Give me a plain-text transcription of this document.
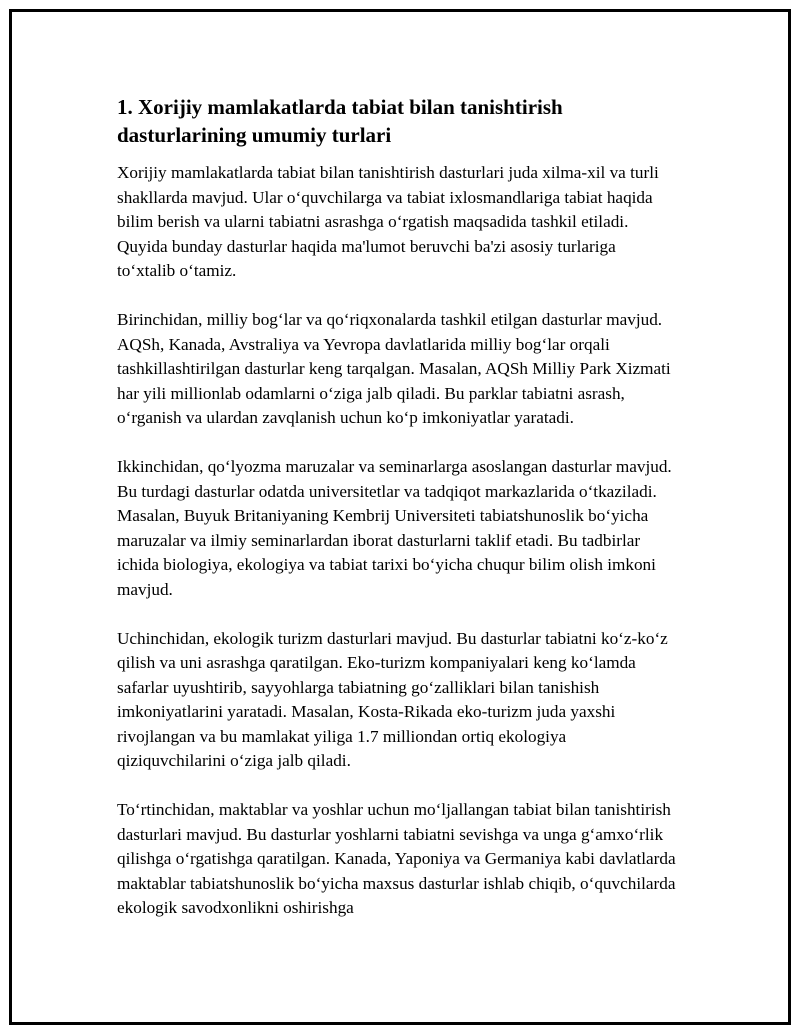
1. Xorijiy mamlakatlarda tabiat bilan tanishtirish dasturlarining umumiy turlari

Xorijiy mamlakatlarda tabiat bilan tanishtirish dasturlari juda xilma-xil va turli shakllarda mavjud. Ular o‘quvchilarga va tabiat ixlosmandlariga tabiat haqida bilim berish va ularni tabiatni asrashga o‘rgatish maqsadida tashkil etiladi. Quyida bunday dasturlar haqida ma'lumot beruvchi ba'zi asosiy turlariga to‘xtalib o‘tamiz.

Birinchidan, milliy bog‘lar va qo‘riqxonalarda tashkil etilgan dasturlar mavjud. AQSh, Kanada, Avstraliya va Yevropa davlatlarida milliy bog‘lar orqali tashkillashtirilgan dasturlar keng tarqalgan. Masalan, AQSh Milliy Park Xizmati har yili millionlab odamlarni o‘ziga jalb qiladi. Bu parklar tabiatni asrash, o‘rganish va ulardan zavqlanish uchun ko‘p imkoniyatlar yaratadi.

Ikkinchidan, qo‘lyozma maruzalar va seminarlarga asoslangan dasturlar mavjud. Bu turdagi dasturlar odatda universitetlar va tadqiqot markazlarida o‘tkaziladi. Masalan, Buyuk Britaniyaning Kembrij Universiteti tabiatshunoslik bo‘yicha maruzalar va ilmiy seminarlardan iborat dasturlarni taklif etadi. Bu tadbirlar ichida biologiya, ekologiya va tabiat tarixi bo‘yicha chuqur bilim olish imkoni mavjud.

Uchinchidan, ekologik turizm dasturlari mavjud. Bu dasturlar tabiatni ko‘z-ko‘z qilish va uni asrashga qaratilgan. Eko-turizm kompaniyalari keng ko‘lamda safarlar uyushtirib, sayyohlarga tabiatning go‘zalliklari bilan tanishish imkoniyatlarini yaratadi. Masalan, Kosta-Rikada eko-turizm juda yaxshi rivojlangan va bu mamlakat yiliga 1.7 milliondan ortiq ekologiya qiziquvchilarini o‘ziga jalb qiladi.

To‘rtinchidan, maktablar va yoshlar uchun mo‘ljallangan tabiat bilan tanishtirish dasturlari mavjud. Bu dasturlar yoshlarni tabiatni sevishga va unga g‘amxo‘rlik qilishga o‘rgatishga qaratilgan. Kanada, Yaponiya va Germaniya kabi davlatlarda maktablar tabiatshunoslik bo‘yicha maxsus dasturlar ishlab chiqib, o‘quvchilarda ekologik savodxonlikni oshirishga
